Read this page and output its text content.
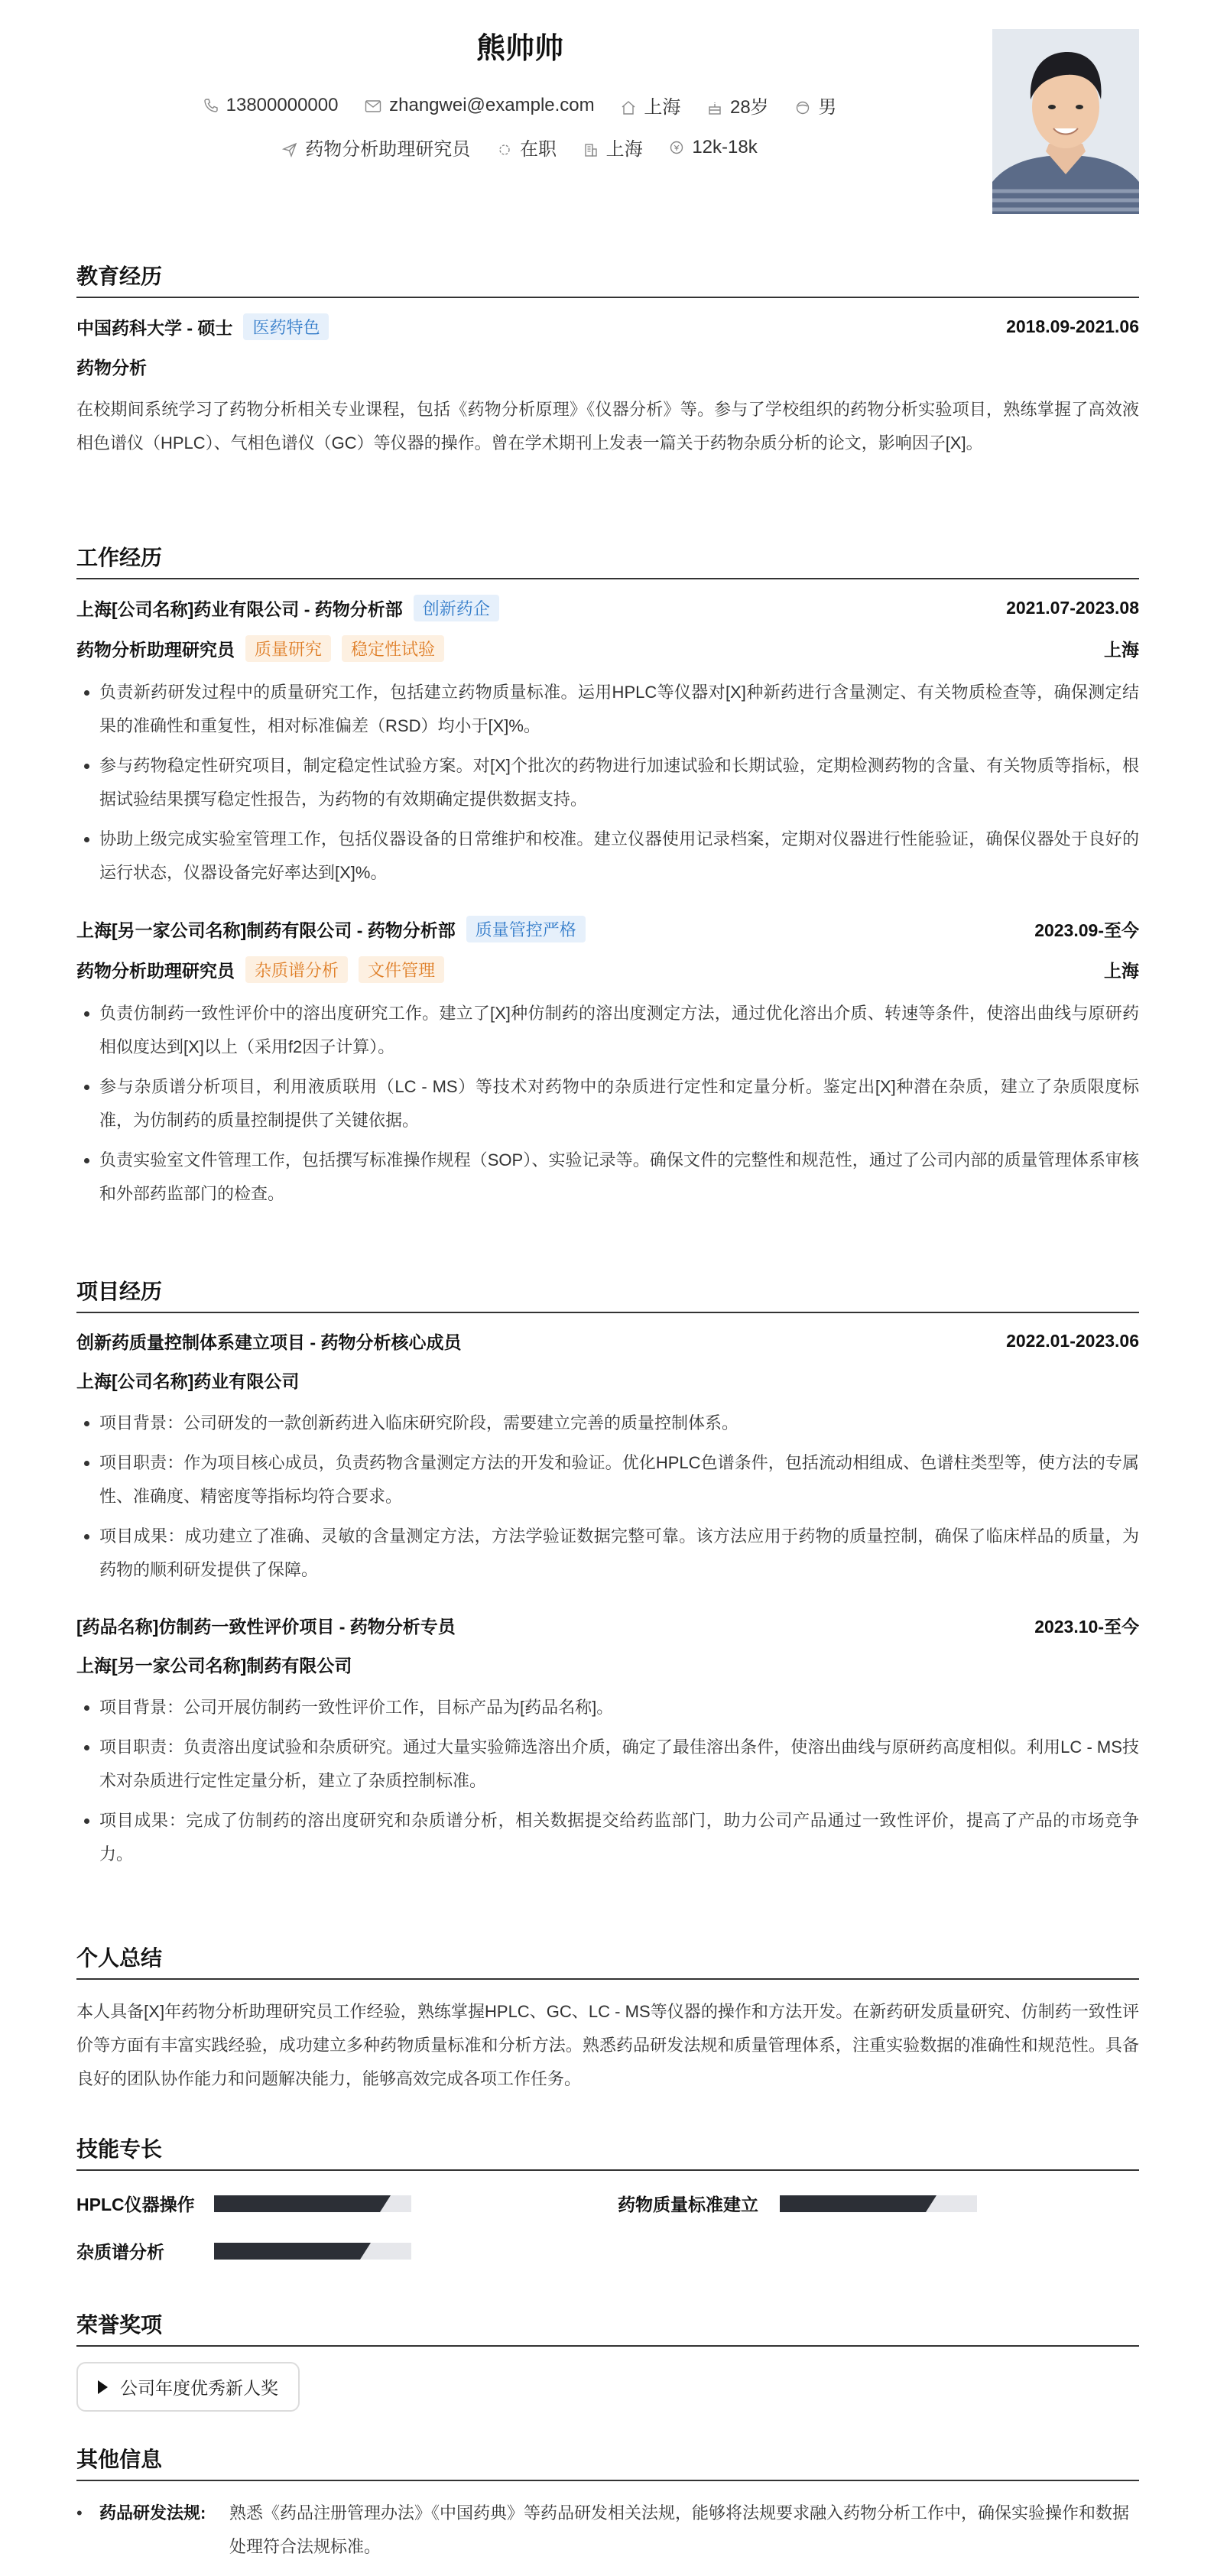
熊帅帅
13800000000	zhangwei@example.com	上海	28岁	男
药物分析助理研究员	在职	上海	12k-18k
教育经历
中国药科大学 - 硕士	医药特色	2018.09-2021.06
药物分析
在校期间系统学习了药物分析相关专业课程，包括《药物分析原理》《仪器分析》等。参与了学校组织的药物分析实验项目，熟练掌握了高效液相色谱仪（HPLC）、气相色谱仪（GC）等仪器的操作。曾在学术期刊上发表一篇关于药物杂质分析的论文，影响因子[X]。
工作经历
上海[公司名称]药业有限公司 - 药物分析部	创新药企	2021.07-2023.08
药物分析助理研究员	质量研究	稳定性试验	上海
• 负责新药研发过程中的质量研究工作，包括建立药物质量标准。运用HPLC等仪器对[X]种新药进行含量测定、有关物质检查等，确保测定结果的准确性和重复性，相对标准偏差（RSD）均小于[X]%。
• 参与药物稳定性研究项目，制定稳定性试验方案。对[X]个批次的药物进行加速试验和长期试验，定期检测药物的含量、有关物质等指标，根据试验结果撰写稳定性报告，为药物的有效期确定提供数据支持。
• 协助上级完成实验室管理工作，包括仪器设备的日常维护和校准。建立仪器使用记录档案，定期对仪器进行性能验证，确保仪器处于良好的运行状态，仪器设备完好率达到[X]%。
上海[另一家公司名称]制药有限公司 - 药物分析部	质量管控严格	2023.09-至今
药物分析助理研究员	杂质谱分析	文件管理	上海
• 负责仿制药一致性评价中的溶出度研究工作。建立了[X]种仿制药的溶出度测定方法，通过优化溶出介质、转速等条件，使溶出曲线与原研药相似度达到[X]以上（采用f2因子计算）。
• 参与杂质谱分析项目，利用液质联用（LC - MS）等技术对药物中的杂质进行定性和定量分析。鉴定出[X]种潜在杂质，建立了杂质限度标准，为仿制药的质量控制提供了关键依据。
• 负责实验室文件管理工作，包括撰写标准操作规程（SOP）、实验记录等。确保文件的完整性和规范性，通过了公司内部的质量管理体系审核和外部药监部门的检查。
项目经历
创新药质量控制体系建立项目 - 药物分析核心成员	2022.01-2023.06
上海[公司名称]药业有限公司
• 项目背景：公司研发的一款创新药进入临床研究阶段，需要建立完善的质量控制体系。
• 项目职责：作为项目核心成员，负责药物含量测定方法的开发和验证。优化HPLC色谱条件，包括流动相组成、色谱柱类型等，使方法的专属性、准确度、精密度等指标均符合要求。
• 项目成果：成功建立了准确、灵敏的含量测定方法，方法学验证数据完整可靠。该方法应用于药物的质量控制，确保了临床样品的质量，为药物的顺利研发提供了保障。
[药品名称]仿制药一致性评价项目 - 药物分析专员	2023.10-至今
上海[另一家公司名称]制药有限公司
• 项目背景：公司开展仿制药一致性评价工作，目标产品为[药品名称]。
• 项目职责：负责溶出度试验和杂质研究。通过大量实验筛选溶出介质，确定了最佳溶出条件，使溶出曲线与原研药高度相似。利用LC - MS技术对杂质进行定性定量分析，建立了杂质控制标准。
• 项目成果：完成了仿制药的溶出度研究和杂质谱分析，相关数据提交给药监部门，助力公司产品通过一致性评价，提高了产品的市场竞争力。
个人总结
本人具备[X]年药物分析助理研究员工作经验，熟练掌握HPLC、GC、LC - MS等仪器的操作和方法开发。在新药研发质量研究、仿制药一致性评价等方面有丰富实践经验，成功建立多种药物质量标准和分析方法。熟悉药品研发法规和质量管理体系，注重实验数据的准确性和规范性。具备良好的团队协作能力和问题解决能力，能够高效完成各项工作任务。
技能专长
HPLC仪器操作	药物质量标准建立
杂质谱分析
荣誉奖项
公司年度优秀新人奖
其他信息
•	药品研发法规:	熟悉《药品注册管理办法》《中国药典》等药品研发相关法规，能够将法规要求融入药物分析工作中，确保实验操作和数据处理符合法规标准。
